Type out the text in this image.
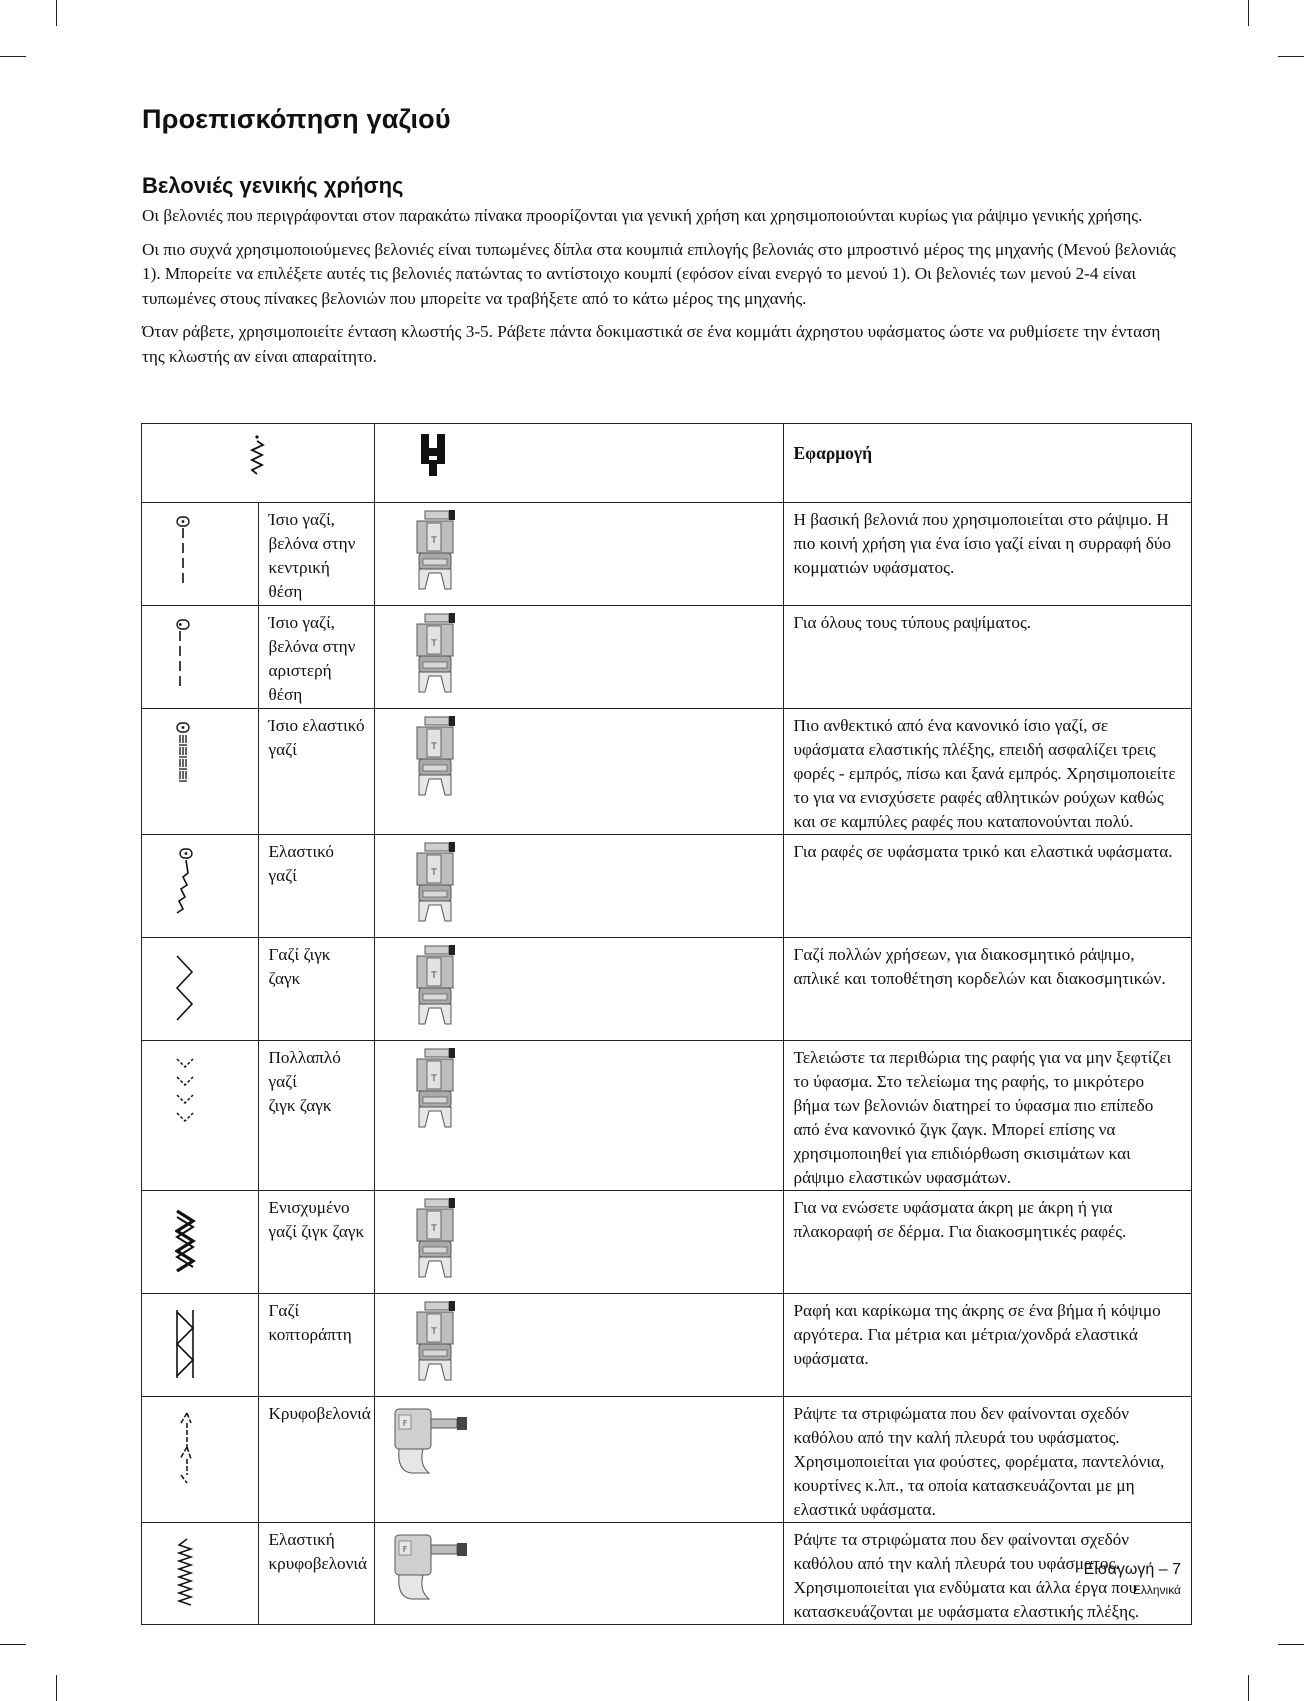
Προεπισκόπηση γαζιού
Βελονιές γενικής χρήσης

Οι βελονιές που περιγράφονται στον παρακάτω πίνακα προορίζονται για γενική χρήση και χρησιμοποιούνται κυρίως για ράψιμο γενικής χρήσης.

Οι πιο συχνά χρησιμοποιούμενες βελονιές είναι τυπωμένες δίπλα στα κουμπιά επιλογής βελονιάς στο μπροστινό μέρος της μηχανής (Μενού βελονιάς 1). Μπορείτε να επιλέξετε αυτές τις βελονιές πατώντας το αντίστοιχο κουμπί (εφόσον είναι ενεργό το μενού 1). Οι βελονιές των μενού 2-4 είναι τυπωμένες στους πίνακες βελονιών που μπορείτε να τραβήξετε από το κάτω μέρος της μηχανής.

Όταν ράβετε, χρησιμοποιείτε ένταση κλωστής 3-5. Ράβετε πάντα δοκιμαστικά σε ένα κομμάτι άχρηστου υφάσματος ώστε να ρυθμίσετε την ένταση της κλωστής αν είναι απαραίτητο.

	Εφαρμογή

Ίσιο γαζί,
βελόνα στην
κεντρική θέση	T	Η βασική βελονιά που χρησιμοποιείται στο ράψιμο. Η πιο κοινή χρήση για ένα ίσιο γαζί είναι η συρραφή δύο κομματιών υφάσματος.

Ίσιο γαζί,
βελόνα στην
αριστερή θέση	T	Για όλους τους τύπους ραψίματος.

Ίσιο ελαστικό
γαζί	T	Πιο ανθεκτικό από ένα κανονικό ίσιο γαζί, σε υφάσματα ελαστικής πλέξης, επειδή ασφαλίζει τρεις φορές - εμπρός, πίσω και ξανά εμπρός. Χρησιμοποιείτε το για να ενισχύσετε ραφές αθλητικών ρούχων καθώς και σε καμπύλες ραφές που καταπονούνται πολύ.

Ελαστικό γαζί	T	Για ραφές σε υφάσματα τρικό και ελαστικά υφάσματα.

Γαζί ζιγκ ζαγκ	T	Γαζί πολλών χρήσεων, για διακοσμητικό ράψιμο, απλικέ και τοποθέτηση κορδελών και διακοσμητικών.

Πολλαπλό γαζί
ζιγκ ζαγκ	T	Τελειώστε τα περιθώρια της ραφής για να μην ξεφτίζει το ύφασμα. Στο τελείωμα της ραφής, το μικρότερο βήμα των βελονιών διατηρεί το ύφασμα πιο επίπεδο από ένα κανονικό ζιγκ ζαγκ. Μπορεί επίσης να χρησιμοποιηθεί για επιδιόρθωση σκισιμάτων και ράψιμο ελαστικών υφασμάτων.

Ενισχυμένο
γαζί ζιγκ ζαγκ	T	Για να ενώσετε υφάσματα άκρη με άκρη ή για πλακοραφή σε δέρμα. Για διακοσμητικές ραφές.

Γαζί
κοπτοράπτη	T	Ραφή και καρίκωμα της άκρης σε ένα βήμα ή κόψιμο αργότερα. Για μέτρια και μέτρια/χονδρά ελαστικά υφάσματα.

Κρυφοβελονιά	F	Ράψτε τα στριφώματα που δεν φαίνονται σχεδόν καθόλου από την καλή πλευρά του υφάσματος. Χρησιμοποιείται για φούστες, φορέματα, παντελόνια, κουρτίνες κ.λπ., τα οποία κατασκευάζονται με μη ελαστικά υφάσματα.

Ελαστική
κρυφοβελονιά	F	Ράψτε τα στριφώματα που δεν φαίνονται σχεδόν καθόλου από την καλή πλευρά του υφάσματος. Χρησιμοποιείται για ενδύματα και άλλα έργα που κατασκευάζονται με υφάσματα ελαστικής πλέξης.
Εισαγωγή – 7
Ελληνικά
